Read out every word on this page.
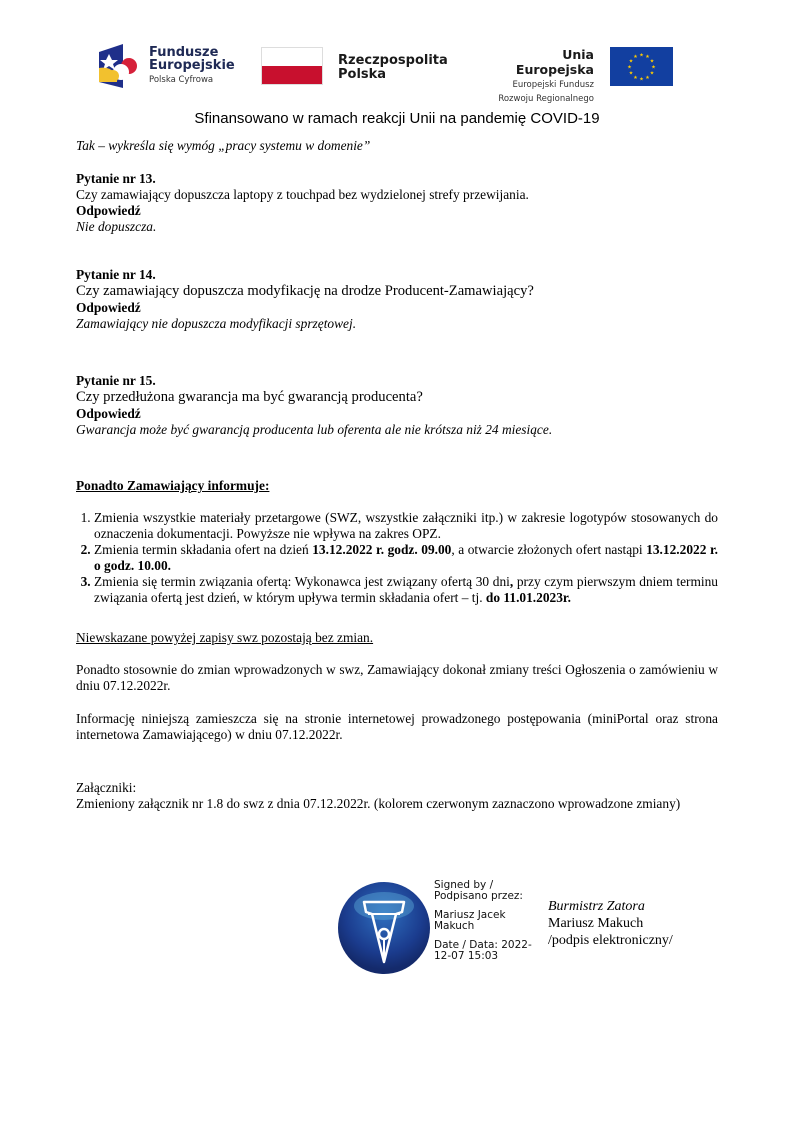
Fundusze
Europejskie
Polska Cyfrowa
Rzeczpospolita
Polska
Unia Europejska
Europejski Fundusz
Rozwoju Regionalnego
★ ★
★
★
★
★
★
★
★
★
★
★
Sfinansowano w ramach reakcji Unii na pandemię COVID-19
Tak – wykreśla się wymóg „pracy systemu w domenie”
Pytanie nr 13.
Czy zamawiający dopuszcza laptopy z touchpad bez wydzielonej strefy przewijania.
Odpowiedź
Nie dopuszcza.
Pytanie nr 14.
Czy zamawiający dopuszcza modyfikację na drodze Producent-Zamawiający?
Odpowiedź
Zamawiający nie dopuszcza modyfikacji sprzętowej.
Pytanie nr 15.
Czy przedłużona gwarancja ma być gwarancją producenta?
Odpowiedź
Gwarancja może być gwarancją producenta lub oferenta ale nie krótsza niż 24 miesiące.
Ponadto Zamawiający informuje:
1. Zmienia wszystkie materiały przetargowe (SWZ, wszystkie załączniki itp.) w zakresie logotypów stosowanych do oznaczenia dokumentacji. Powyższe nie wpływa na zakres OPZ.
2. Zmienia termin składania ofert na dzień 13.12.2022 r. godz. 09.00, a otwarcie złożonych ofert nastąpi 13.12.2022 r. o godz. 10.00.
3. Zmienia się termin związania ofertą: Wykonawca jest związany ofertą 30 dni, przy czym pierwszym dniem terminu związania ofertą jest dzień, w którym upływa termin składania ofert – tj. do 11.01.2023r.
Niewskazane powyżej zapisy swz pozostają bez zmian.
Ponadto stosownie do zmian wprowadzonych w swz, Zamawiający dokonał zmiany treści Ogłoszenia o zamówieniu w dniu 07.12.2022r.
Informację niniejszą zamieszcza się na stronie internetowej prowadzonego postępowania (miniPortal oraz strona internetowa Zamawiającego) w dniu 07.12.2022r.
Załączniki:
Zmieniony załącznik nr 1.8 do swz z dnia 07.12.2022r. (kolorem czerwonym zaznaczono wprowadzone zmiany)

Signed by / Podpisano przez:

Mariusz Jacek Makuch

Date / Data: 2022-12-07 15:03

Burmistrz Zatora
Mariusz Makuch
/podpis elektroniczny/
